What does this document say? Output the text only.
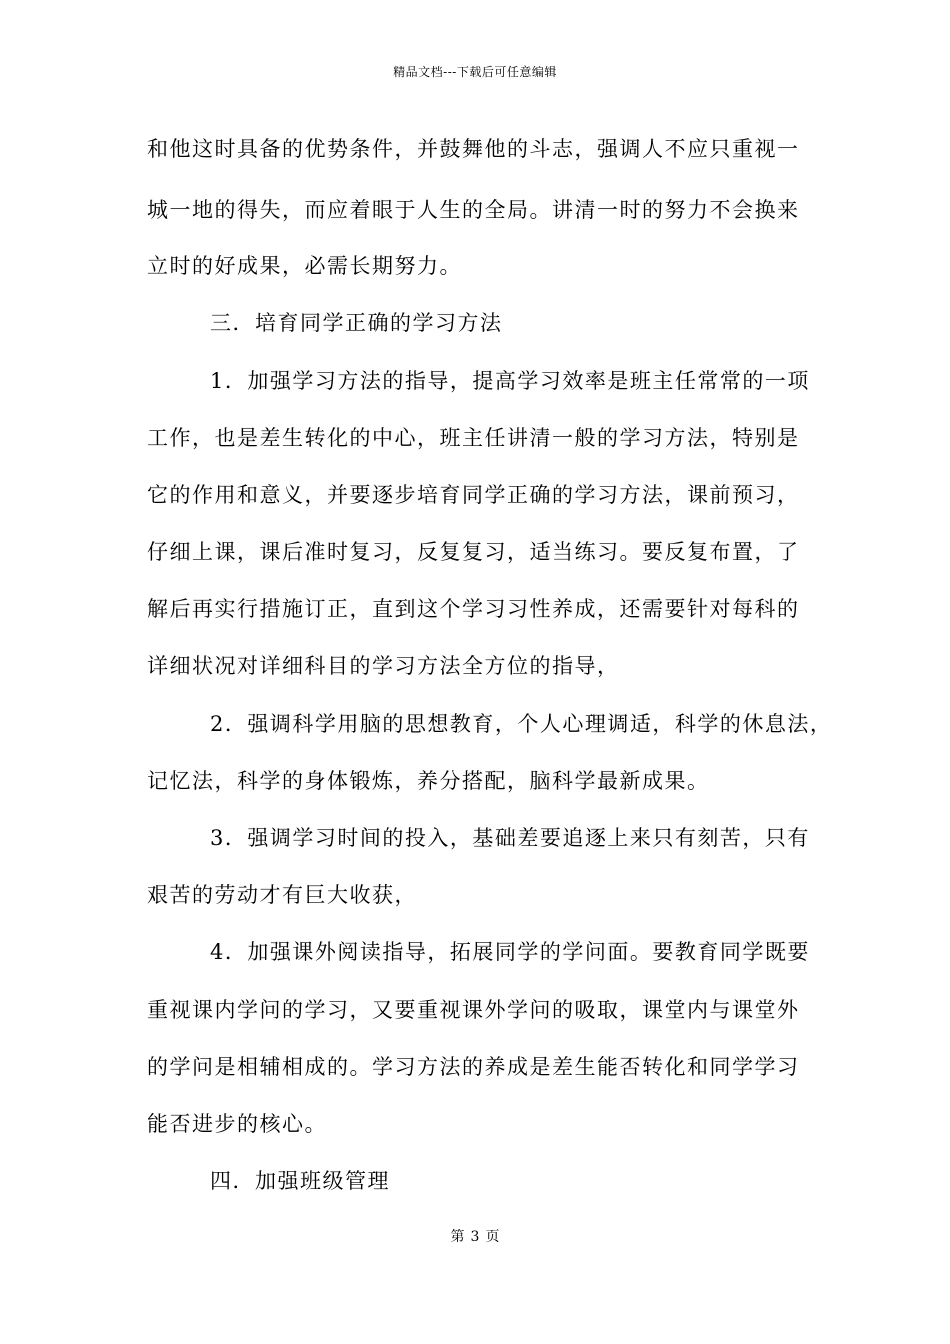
精品文档---下载后可任意编辑
和他这时具备的优势条件，并鼓舞他的斗志，强调人不应只重视一
城一地的得失，而应着眼于人生的全局。讲清一时的努力不会换来
立时的好成果，必需长期努力。
三．培育同学正确的学习方法
1．加强学习方法的指导，提高学习效率是班主任常常的一项
工作，也是差生转化的中心，班主任讲清一般的学习方法，特别是
它的作用和意义，并要逐步培育同学正确的学习方法，课前预习，
仔细上课，课后准时复习，反复复习，适当练习。要反复布置，了
解后再实行措施订正，直到这个学习习性养成，还需要针对每科的
详细状况对详细科目的学习方法全方位的指导，
2．强调科学用脑的思想教育，个人心理调适，科学的休息法，
记忆法，科学的身体锻炼，养分搭配，脑科学最新成果。
3．强调学习时间的投入，基础差要追逐上来只有刻苦，只有
艰苦的劳动才有巨大收获，
4．加强课外阅读指导，拓展同学的学问面。要教育同学既要
重视课内学问的学习，又要重视课外学问的吸取，课堂内与课堂外
的学问是相辅相成的。学习方法的养成是差生能否转化和同学学习
能否进步的核心。
四．加强班级管理
第 3 页
